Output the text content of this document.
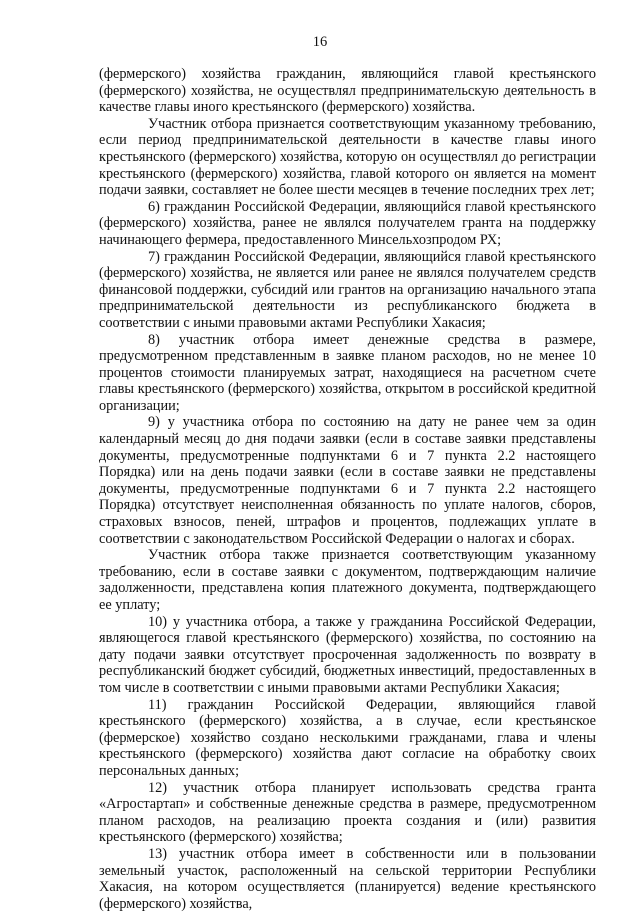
16

(фермерского) хозяйства гражданин, являющийся главой крестьянского (фермерского) хозяйства, не осуществлял предпринимательскую деятельность в качестве главы иного крестьянского (фермерского) хозяйства.

Участник отбора признается соответствующим указанному требованию, если период предпринимательской деятельности в качестве главы иного крестьянского (фермерского) хозяйства, которую он осуществлял до регистрации крестьянского (фермерского) хозяйства, главой которого он является на момент подачи заявки, составляет не более шести месяцев в течение последних трех лет;

6) гражданин Российской Федерации, являющийся главой крестьянского (фермерского) хозяйства, ранее не являлся получателем гранта на поддержку начинающего фермера, предоставленного Минсельхозпродом РХ;

7) гражданин Российской Федерации, являющийся главой крестьянского (фермерского) хозяйства, не является или ранее не являлся получателем средств финансовой поддержки, субсидий или грантов на организацию начального этапа предпринимательской деятельности из республиканского бюджета в соответствии с иными правовыми актами Республики Хакасия;

8) участник отбора имеет денежные средства в размере, предусмотренном представленным в заявке планом расходов, но не менее 10 процентов стоимости планируемых затрат, находящиеся на расчетном счете главы крестьянского (фермерского) хозяйства, открытом в российской кредитной организации;

9) у участника отбора по состоянию на дату не ранее чем за один календарный месяц до дня подачи заявки (если в составе заявки представлены документы, предусмотренные подпунктами 6 и 7 пункта 2.2 настоящего Порядка) или на день подачи заявки (если в составе заявки не представлены документы, предусмотренные подпунктами 6 и 7 пункта 2.2 настоящего Порядка) отсутствует неисполненная обязанность по уплате налогов, сборов, страховых взносов, пеней, штрафов и процентов, подлежащих уплате в соответствии с законодательством Российской Федерации о налогах и сборах.

Участник отбора также признается соответствующим указанному требованию, если в составе заявки с документом, подтверждающим наличие задолженности, представлена копия платежного документа, подтверждающего ее уплату;

10) у участника отбора, а также у гражданина Российской Федерации, являющегося главой крестьянского (фермерского) хозяйства, по состоянию на дату подачи заявки отсутствует просроченная задолженность по возврату в республиканский бюджет субсидий, бюджетных инвестиций, предоставленных в том числе в соответствии с иными правовыми актами Республики Хакасия;

11) гражданин Российской Федерации, являющийся главой крестьянского (фермерского) хозяйства, а в случае, если крестьянское (фермерское) хозяйство создано несколькими гражданами, глава и члены крестьянского (фермерского) хозяйства дают согласие на обработку своих персональных данных;

12) участник отбора планирует использовать средства гранта «Агростартап» и собственные денежные средства в размере, предусмотренном планом расходов, на реализацию проекта создания и (или) развития крестьянского (фермерского) хозяйства;

13) участник отбора имеет в собственности или в пользовании земельный участок, расположенный на сельской территории Республики Хакасия, на котором осуществляется (планируется) ведение крестьянского (фермерского) хозяйства,
